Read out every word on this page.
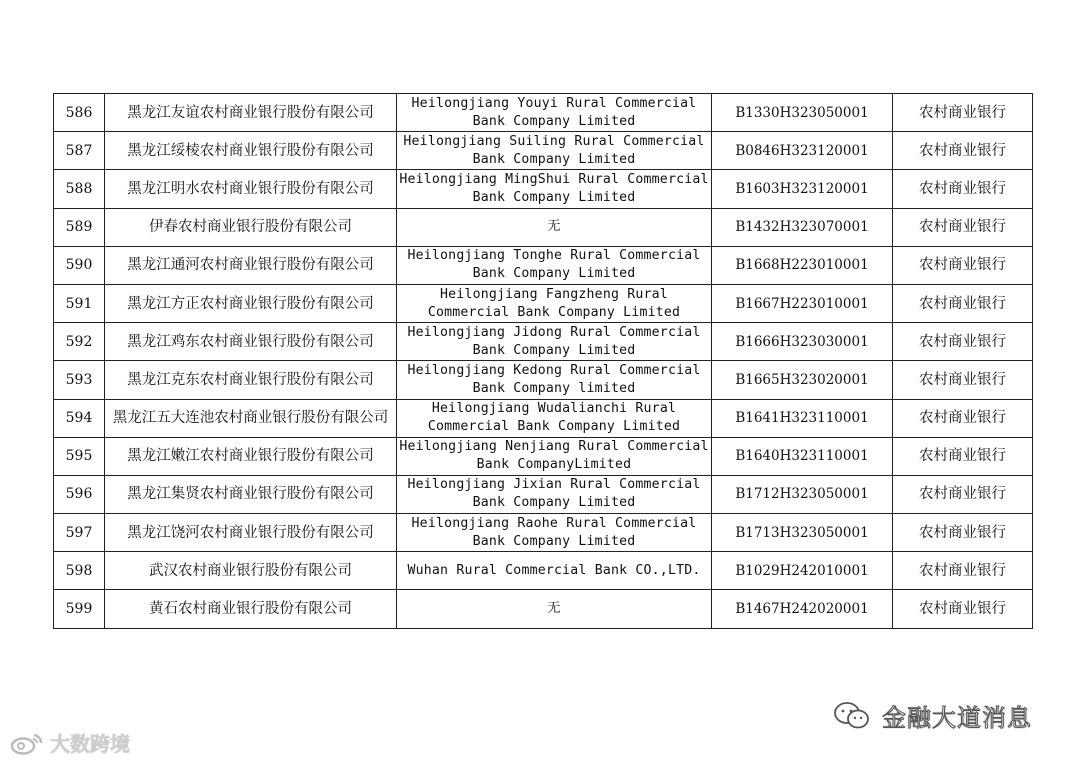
586	黑龙江友谊农村商业银行股份有限公司	Heilongjiang Youyi Rural Commercial Bank Company Limited	B1330H323050001	农村商业银行
587	黑龙江绥棱农村商业银行股份有限公司	Heilongjiang Suiling Rural Commercial Bank Company Limited	B0846H323120001	农村商业银行
588	黑龙江明水农村商业银行股份有限公司	Heilongjiang MingShui Rural Commercial Bank Company Limited	B1603H323120001	农村商业银行
589	伊春农村商业银行股份有限公司	无	B1432H323070001	农村商业银行
590	黑龙江通河农村商业银行股份有限公司	Heilongjiang Tonghe Rural Commercial Bank Company Limited	B1668H223010001	农村商业银行
591	黑龙江方正农村商业银行股份有限公司	Heilongjiang Fangzheng Rural Commercial Bank Company Limited	B1667H223010001	农村商业银行
592	黑龙江鸡东农村商业银行股份有限公司	Heilongjiang Jidong Rural Commercial Bank Company Limited	B1666H323030001	农村商业银行
593	黑龙江克东农村商业银行股份有限公司	Heilongjiang Kedong Rural Commercial Bank Company limited	B1665H323020001	农村商业银行
594	黑龙江五大连池农村商业银行股份有限公司	Heilongjiang Wudalianchi Rural Commercial Bank Company Limited	B1641H323110001	农村商业银行
595	黑龙江嫩江农村商业银行股份有限公司	Heilongjiang Nenjiang Rural Commercial Bank CompanyLimited	B1640H323110001	农村商业银行
596	黑龙江集贤农村商业银行股份有限公司	Heilongjiang Jixian Rural Commercial Bank Company Limited	B1712H323050001	农村商业银行
597	黑龙江饶河农村商业银行股份有限公司	Heilongjiang Raohe Rural Commercial Bank Company Limited	B1713H323050001	农村商业银行
598	武汉农村商业银行股份有限公司	Wuhan Rural Commercial Bank CO.,LTD.	B1029H242010001	农村商业银行
599	黄石农村商业银行股份有限公司	无	B1467H242020001	农村商业银行
大数跨境
金融大道消息
